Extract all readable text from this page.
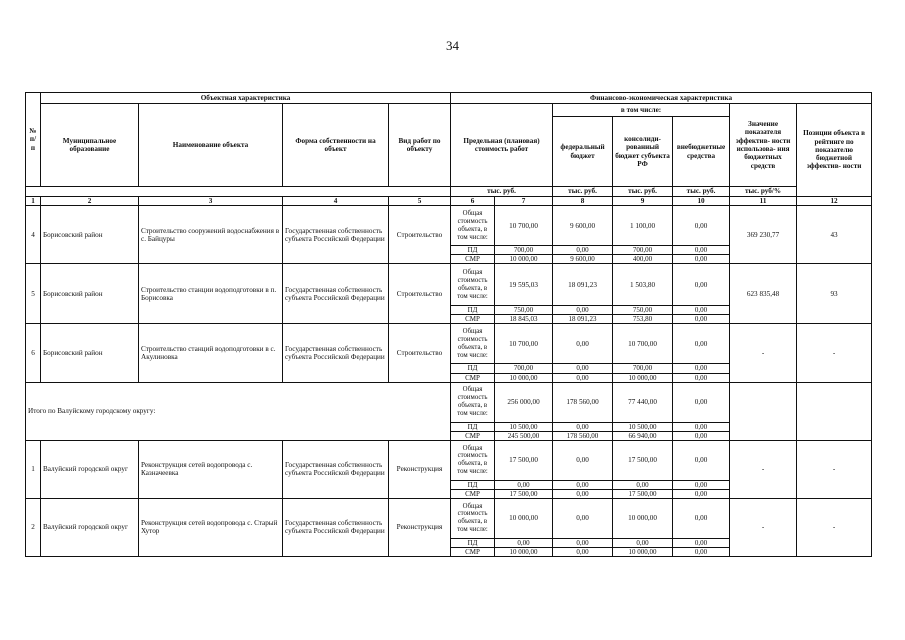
34
№ п/п	Объектная характеристика				Финансово-экономическая характеристика							
	Муниципальное образование	Наименование объекта	Форма собственности на объект	Вид работ по объекту	Предельная (плановая) стоимость работ		в том числе:			Значение показателя эффектив- ности использова- ния бюджетных средств	Позиции объекта в рейтинге по показателю бюджетной эффектив- ности	
							федеральный бюджет	консолиди- рованный бюджет субъекта РФ	внебюджетные средства			
					тыс. руб.		тыс. руб.	тыс. руб.	тыс. руб.	тыс. руб/%		
1	2	3	4	5	6	7	8	9	10	11	12	
4	Борисовский район	Строительство сооружений водоснабжения в с. Байцуры	Государственная собственность субъекта Российской Федерации	Строительство	Общая стоимость объекта, в том числе:	10 700,00	9 600,00	1 100,00	0,00	369 230,77	43	
					ПД	700,00	0,00	700,00	0,00			
					СМР	10 000,00	9 600,00	400,00	0,00			
5	Борисовский район	Строительство станции водоподготовки в п. Борисовка	Государственная собственность субъекта Российской Федерации	Строительство	Общая стоимость объекта, в том числе:	19 595,03	18 091,23	1 503,80	0,00	623 835,48	93	
					ПД	750,00	0,00	750,00	0,00			
					СМР	18 845,03	18 091,23	753,80	0,00			
6	Борисовский район	Строительство станций водоподготовки в с. Акулиновка	Государственная собственность субъекта Российской Федерации	Строительство	Общая стоимость объекта, в том числе:	10 700,00	0,00	10 700,00	0,00	-	-	
					ПД	700,00	0,00	700,00	0,00			
					СМР	10 000,00	0,00	10 000,00	0,00			
Итого по Валуйскому городскому округу:					Общая стоимость объекта, в том числе:	256 000,00	178 560,00	77 440,00	0,00			
					ПД	10 500,00	0,00	10 500,00	0,00			
					СМР	245 500,00	178 560,00	66 940,00	0,00			
1	Валуйский городской округ	Реконструкция сетей водопровода с. Казначеевка	Государственная собственность субъекта Российской Федерации	Реконструкция	Общая стоимость объекта, в том числе:	17 500,00	0,00	17 500,00	0,00	-	-	
					ПД	0,00	0,00	0,00	0,00			
					СМР	17 500,00	0,00	17 500,00	0,00			
2	Валуйский городской округ	Реконструкция сетей водопровода с. Старый Хутор	Государственная собственность субъекта Российской Федерации	Реконструкция	Общая стоимость объекта, в том числе:	10 000,00	0,00	10 000,00	0,00	-	-	
					ПД	0,00	0,00	0,00	0,00			
					СМР	10 000,00	0,00	10 000,00	0,00			
